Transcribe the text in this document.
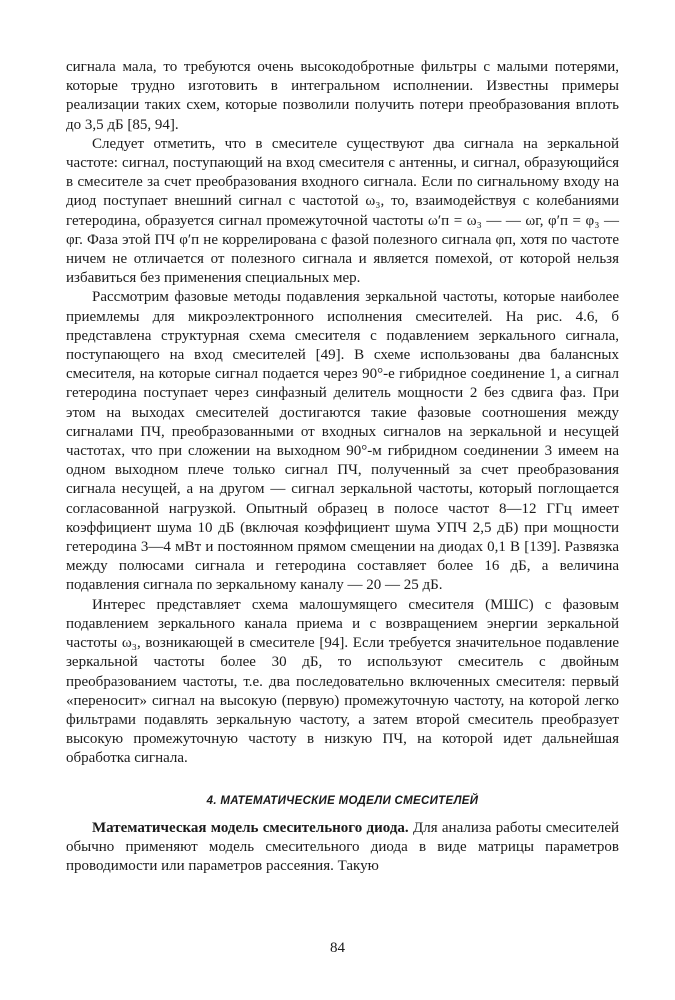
сигнала мала, то требуются очень высокодобротные фильтры с малыми потерями, которые трудно изготовить в интегральном исполнении. Известны примеры реализации таких схем, которые позволили получить потери преобразования вплоть до 3,5 дБ [85, 94].

Следует отметить, что в смесителе существуют два сигнала на зеркальной частоте: сигнал, поступающий на вход смесителя с антенны, и сигнал, образующийся в смесителе за счет преобразования входного сигнала. Если по сигнальному входу на диод поступает внешний сигнал с частотой ω₃, то, взаимодействуя с колебаниями гетеродина, образуется сигнал промежуточной частоты ω′п = ω₃ — — ωг, φ′п = φ₃ — φг. Фаза этой ПЧ φ′п не коррелирована с фазой полезного сигнала φп, хотя по частоте ничем не отличается от полезного сигнала и является помехой, от которой нельзя избавиться без применения специальных мер.

Рассмотрим фазовые методы подавления зеркальной частоты, которые наиболее приемлемы для микроэлектронного исполнения смесителей. На рис. 4.6, б представлена структурная схема смесителя с подавлением зеркального сигнала, поступающего на вход смесителей [49]. В схеме использованы два балансных смесителя, на которые сигнал подается через 90°-е гибридное соединение 1, а сигнал гетеродина поступает через синфазный делитель мощности 2 без сдвига фаз. При этом на выходах смесителей достигаются такие фазовые соотношения между сигналами ПЧ, преобразованными от входных сигналов на зеркальной и несущей частотах, что при сложении на выходном 90°-м гибридном соединении 3 имеем на одном выходном плече только сигнал ПЧ, полученный за счет преобразования сигнала несущей, а на другом — сигнал зеркальной частоты, который поглощается согласованной нагрузкой. Опытный образец в полосе частот 8—12 ГГц имеет коэффициент шума 10 дБ (включая коэффициент шума УПЧ 2,5 дБ) при мощности гетеродина 3—4 мВт и постоянном прямом смещении на диодах 0,1 В [139]. Развязка между полюсами сигнала и гетеродина составляет более 16 дБ, а величина подавления сигнала по зеркальному каналу — 20 — 25 дБ.

Интерес представляет схема малошумящего смесителя (МШС) с фазовым подавлением зеркального канала приема и с возвращением энергии зеркальной частоты ω₃, возникающей в смесителе [94]. Если требуется значительное подавление зеркальной частоты более 30 дБ, то используют смеситель с двойным преобразованием частоты, т.е. два последовательно включенных смесителя: первый «переносит» сигнал на высокую (первую) промежуточную частоту, на которой легко фильтрами подавлять зеркальную частоту, а затем второй смеситель преобразует высокую промежуточную частоту в низкую ПЧ, на которой идет дальнейшая обработка сигнала.

4. МАТЕМАТИЧЕСКИЕ МОДЕЛИ СМЕСИТЕЛЕЙ

Математическая модель смесительного диода. Для анализа работы смесителей обычно применяют модель смесительного диода в виде матрицы параметров проводимости или параметров рассеяния. Такую

84
